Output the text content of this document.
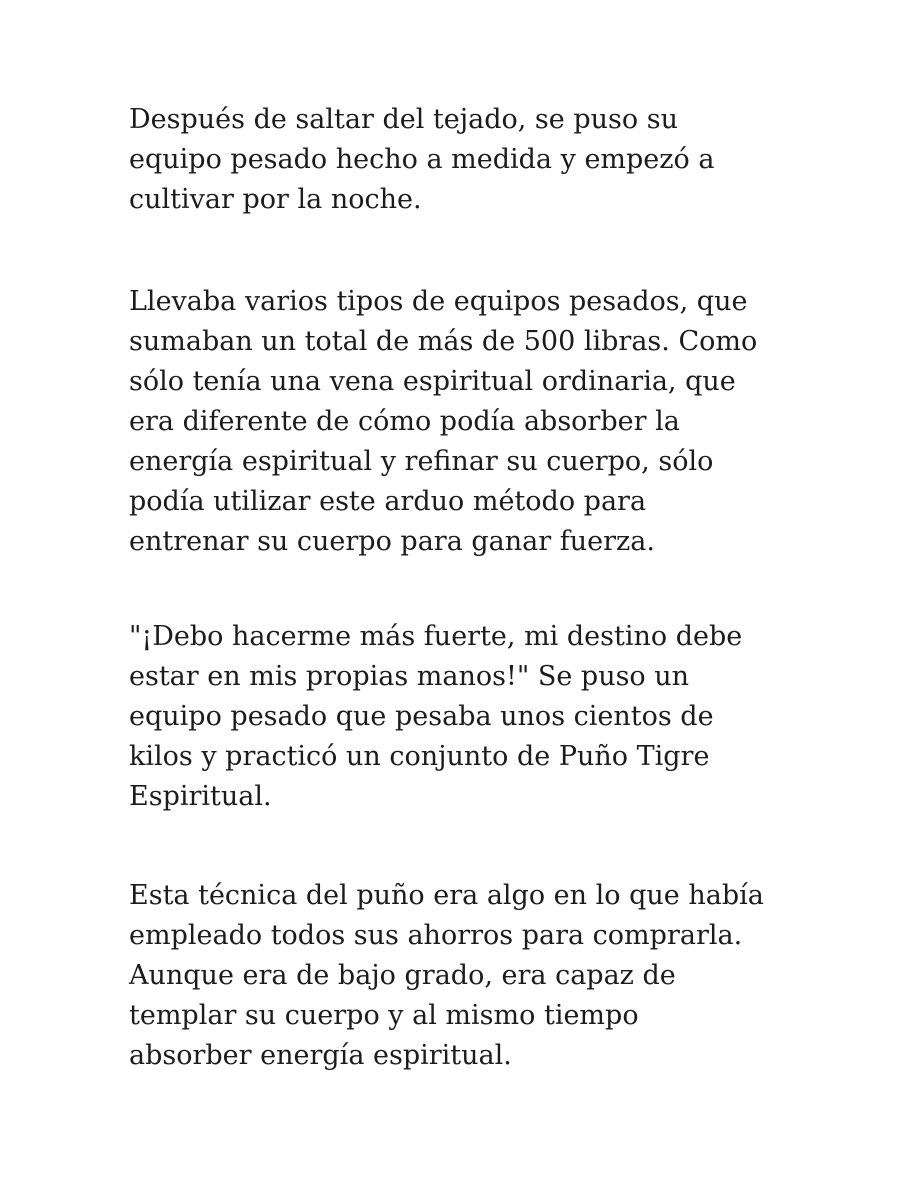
Después de saltar del tejado, se puso su
equipo pesado hecho a medida y empezó a
cultivar por la noche.

Llevaba varios tipos de equipos pesados, que
sumaban un total de más de 500 libras. Como
sólo tenía una vena espiritual ordinaria, que
era diferente de cómo podía absorber la
energía espiritual y refinar su cuerpo, sólo
podía utilizar este arduo método para
entrenar su cuerpo para ganar fuerza.

"¡Debo hacerme más fuerte, mi destino debe
estar en mis propias manos!" Se puso un
equipo pesado que pesaba unos cientos de
kilos y practicó un conjunto de Puño Tigre
Espiritual.

Esta técnica del puño era algo en lo que había
empleado todos sus ahorros para comprarla.
Aunque era de bajo grado, era capaz de
templar su cuerpo y al mismo tiempo
absorber energía espiritual.
